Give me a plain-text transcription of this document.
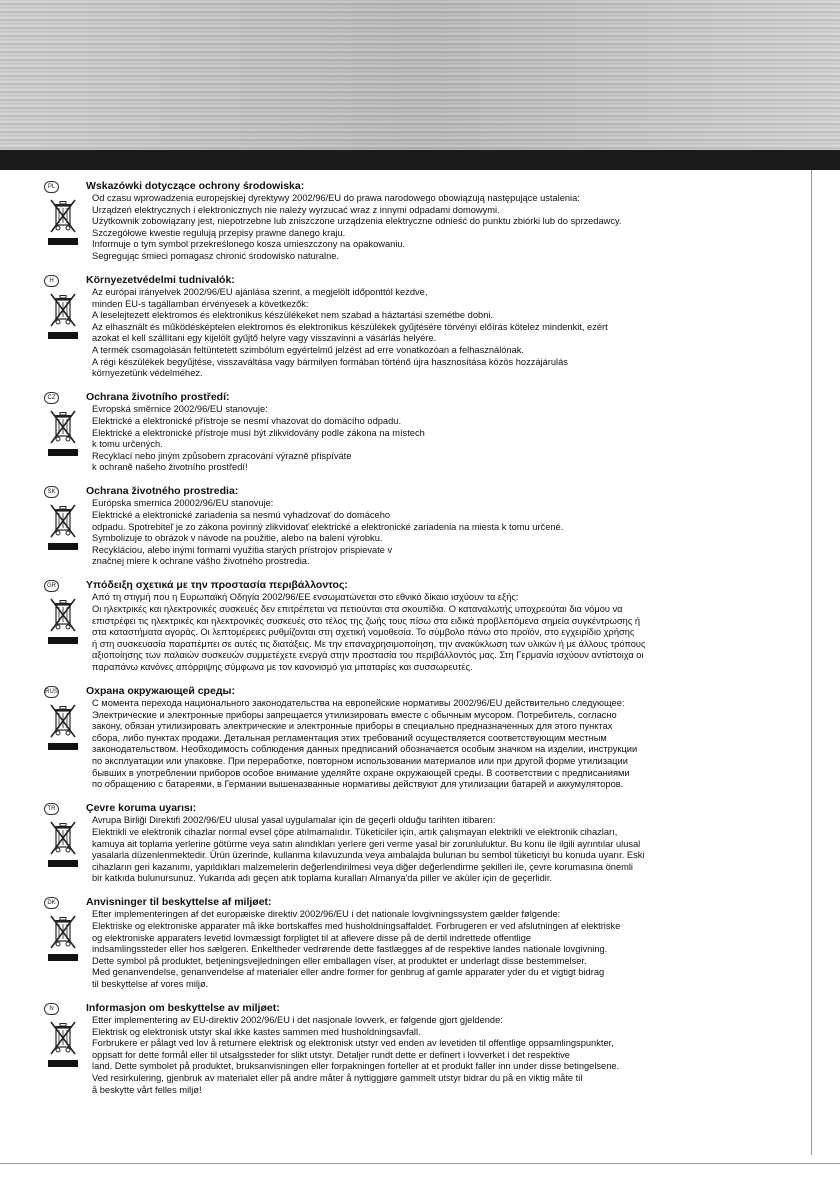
PL	Wskazówki dotyczące ochrony środowiska:
Od czasu wprowadzenia europejskiej dyrektywy 2002/96/EU do prawa narodowego obowiązują następujące ustalenia:
Urządzeń elektrycznych i elektronicznych nie należy wyrzucać wraz z innymi odpadami domowymi.
Użytkownik zobowiązany jest, niepotrzebne lub zniszczone urządzenia elektryczne odnieść do punktu zbiórki lub do sprzedawcy.
Szczegółowe kwestie regulują przepisy prawne danego kraju.
Informuje o tym symbol przekreślonego kosza umieszczony na opakowaniu.
Segregując śmieci pomagasz chronić środowisko naturalne.
H	Környezetvédelmi tudnivalók:
Az európai irányelvek 2002/96/EU ajánlása szerint, a megjelölt időponttól kezdve,
minden EU-s tagállamban érvényesek a következők:
A leselejtezett elektromos és elektronikus készülékeket nem szabad a háztartási szemétbe dobni.
Az elhasznált és működésképtelen elektromos és elektronikus készülékek gyűjtésére törvényi előírás kötelez mindenkit, ezért
azokat el kell szállítani egy kijelölt gyűjtő helyre vagy visszavinni a vásárlás helyére.
A termék csomagolásán feltüntetett szimbólum egyértelmű jelzést ad erre vonatkozóan a felhasználónak.
A régi készülékek begyűjtése, visszaváltása vagy bármilyen formában történő újra hasznosítása közös hozzájárulás
környezetünk védelméhez.
CZ	Ochrana životního prostředí:
Evropská směrnice 2002/96/EU stanovuje:
Elektrické a elektronické přístroje se nesmí vhazovat do domácího odpadu.
Elektrické a elektronické přístroje musí být zlikvidovány podle zákona na místech
k tomu určených.
Recyklací nebo jiným způsobem zpracování výrazně přispíváte
k ochraně našeho životního prostředí!
SK	Ochrana životného prostredia:
Európska smernica 20002/96/EU stanovuje:
Elektrické a elektronické zariadenia sa nesmú vyhadzovať do domáceho
odpadu. Spotrebiteľ je zo zákona povinný zlikvidovať elektrické a elektronické zariadenia na miesta k tomu určené.
Symbolizuje to obrázok v návode na použitie, alebo na balení výrobku.
Recykláciou, alebo inými formami využitia starých prístrojov prispievate v
značnej miere k ochrane vášho životného prostredia.
GR	Υπόδειξη σχετικά με την προστασία περιβάλλοντος:
Από τη στιγμή που η Ευρωπαϊκή Οδηγία 2002/96/ΕΕ ενσωματώνεται στο εθνικό δίκαιο ισχύουν τα εξής:
Οι ηλεκτρικές και ηλεκτρονικές συσκευές δεν επιτρέπεται να πετιούνται στα σκουπίδια. Ο καταναλωτής υποχρεούται δια νόμου να
επιστρέφει τις ηλεκτρικές και ηλεκτρονικές συσκευές στο τέλος της ζωής τους πίσω στα ειδικά προβλεπόμενα σημεία συγκέντρωσης ή
στα καταστήματα αγοράς. Οι λεπτομέρειες ρυθμίζονται στη σχετική νομοθεσία. Το σύμβολο πάνω στο προϊόν, στο εγχειρίδιο χρήσης
ή στη συσκευασία παραπέμπει σε αυτές τις διατάξεις. Με την επαναχρησιμοποίηση, την ανακύκλωση των υλικών ή με άλλους τρόπους
αξιοποίησης των παλαιών συσκευών συμμετέχετε ενεργά στην προστασία του περιβάλλοντός μας. Στη Γερμανία ισχύουν αντίστοιχα οι
παραπάνω κανόνες απόρριψης σύμφωνα με τον κανονισμό για μπαταρίες και συσσωρευτές.
RUS	Охрана окружающей среды:
С момента перехода национального законодательства на европейские нормативы 2002/96/EU действительно следующее:
Электрические и электронные приборы запрещается утилизировать вместе с обычным мусором. Потребитель, согласно
закону, обязан утилизировать электрические и электронные приборы в специально предназначенных для этого пунктах
сбора, либо пунктах продажи. Детальная регламентация этих требований осуществляется соответствующим местным
законодательством. Необходимость соблюдения данных предписаний обозначается особым значком на изделии, инструкции
по эксплуатации или упаковке. При переработке, повторном использовании материалов или при другой форме утилизации
бывших в употреблении приборов особое внимание уделяйте охране окружающей среды. В соответствии с предписаниями
по обращению с батареями, в Германии вышеназванные нормативы действуют для утилизации батарей и аккумуляторов.
TR	Çevre koruma uyarısı:
Avrupa Birliği Direktifi 2002/96/EU ulusal yasal uygulamalar için de geçerli olduğu tarihten itibaren:
Elektrikli ve elektronik cihazlar normal evsel çöpe atılmamalıdır. Tüketiciler için, artık çalışmayan elektrikli ve elektronik cihazları,
kamuya ait toplama yerlerine götürme veya satın alındıkları yerlere geri verme yasal bir zorunluluktur. Bu konu ile ilgili ayrıntılar ulusal
yasalarla düzenlenmektedir. Ürün üzerinde, kullanma kılavuzunda veya ambalajda bulunan bu sembol tüketiciyi bu konuda uyarır. Eski
cihazların geri kazanımı, yapıldıkları malzemelerin değerlendirilmesi veya diğer değerlendirme şekilleri ile, çevre korumasına önemli
bir katkıda bulunursunuz. Yukarıda adı geçen atık toplama kuralları Almanya'da piller ve aküler için de geçerlidir.
DK	Anvisninger til beskyttelse af miljøet:
Efter implementeringen af det europæiske direktiv 2002/96/EU i det nationale lovgivningssystem gælder følgende:
Elektriske og elektroniske apparater må ikke bortskaffes med husholdningsaffaldet. Forbrugeren er ved afslutningen af elektriske
og elektroniske apparaters levetid lovmæssigt forpligtet til at aflevere disse på de dertil indrettede offentlige
indsamlingssteder eller hos sælgeren. Enkeltheder vedrørende dette fastlægges af de respektive landes nationale lovgivning.
Dette symbol på produktet, betjeningsvejledningen eller emballagen viser, at produktet er underlagt disse bestemmelser.
Med genanvendelse, genanvendelse af materialer eller andre former for genbrug af gamle apparater yder du et vigtigt bidrag
til beskyttelse af vores miljø.
N	Informasjon om beskyttelse av miljøet:
Etter implementering av EU-direktiv 2002/96/EU i det nasjonale lovverk, er følgende gjort gjeldende:
Elektrisk og elektronisk utstyr skal ikke kastes sammen med husholdningsavfall.
Forbrukere er pålagt ved lov å returnere elektrisk og elektronisk utstyr ved enden av levetiden til offentlige oppsamlingspunkter,
oppsatt for dette formål eller til utsalgssteder for slikt utstyr. Detaljer rundt dette er definert i lovverket i det respektive
land. Dette symbolet på produktet, bruksanvisningen eller forpakningen forteller at et produkt faller inn under disse betingelsene.
Ved resirkulering, gjenbruk av materialet eller på andre måter å nyttiggjøre gammelt utstyr bidrar du på en viktig måte til
å beskytte vårt felles miljø!
